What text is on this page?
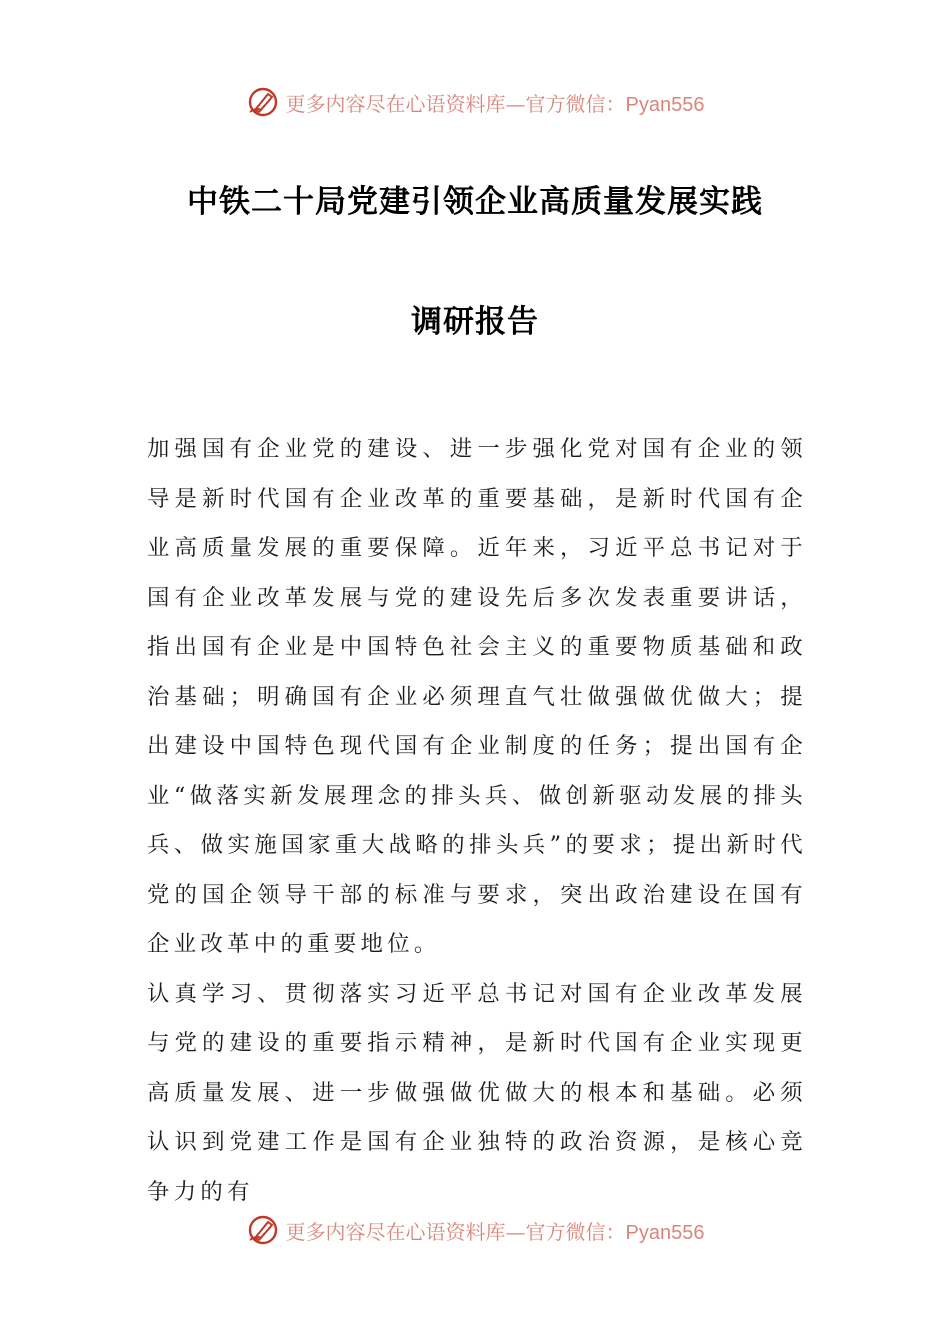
更多内容尽在心语资料库—官方微信：Pyan556
中铁二十局党建引领企业高质量发展实践
调研报告

加强国有企业党的建设、进一步强化党对国有企业的领导是新时代国有企业改革的重要基础，是新时代国有企业高质量发展的重要保障。近年来，习近平总书记对于国有企业改革发展与党的建设先后多次发表重要讲话，指出国有企业是中国特色社会主义的重要物质基础和政治基础；明确国有企业必须理直气壮做强做优做大；提出建设中国特色现代国有企业制度的任务；提出国有企业“做落实新发展理念的排头兵、做创新驱动发展的排头兵、做实施国家重大战略的排头兵”的要求；提出新时代党的国企领导干部的标准与要求，突出政治建设在国有企业改革中的重要地位。

认真学习、贯彻落实习近平总书记对国有企业改革发展与党的建设的重要指示精神，是新时代国有企业实现更高质量发展、进一步做强做优做大的根本和基础。必须认识到党建工作是国有企业独特的政治资源，是核心竞争力的有

更多内容尽在心语资料库—官方微信：Pyan556
